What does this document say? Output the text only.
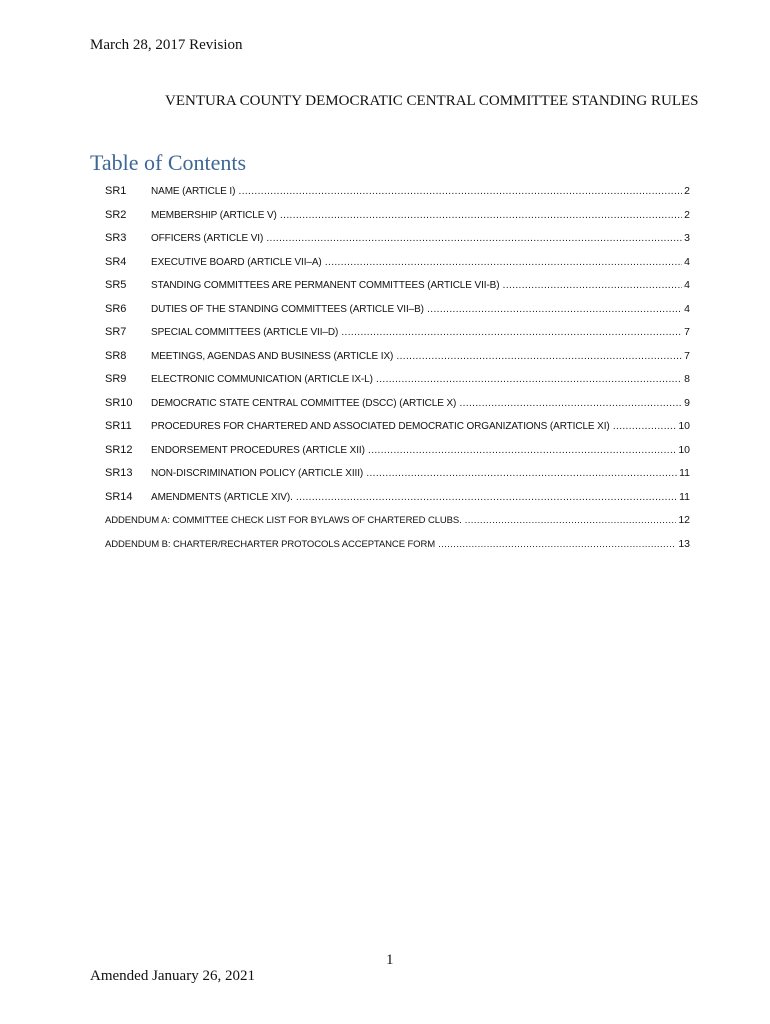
March 28, 2017 Revision
VENTURA COUNTY DEMOCRATIC CENTRAL COMMITTEE STANDING RULES
Table of Contents
SR1	NAME (ARTICLE I) .....	2
SR2	MEMBERSHIP (ARTICLE V) .....	2
SR3	OFFICERS (ARTICLE VI) .....	3
SR4	EXECUTIVE BOARD (ARTICLE VII–A) .....	4
SR5	STANDING COMMITTEES ARE PERMANENT COMMITTEES (ARTICLE VII-B) .....	4
SR6	DUTIES OF THE STANDING COMMITTEES (ARTICLE VII–B) .....	4
SR7	SPECIAL COMMITTEES (ARTICLE VII–D) .....	7
SR8	MEETINGS, AGENDAS AND BUSINESS (ARTICLE IX) .....	7
SR9	ELECTRONIC COMMUNICATION (ARTICLE IX-L) .....	8
SR10	DEMOCRATIC STATE CENTRAL COMMITTEE (DSCC) (ARTICLE X) .....	9
SR11	PROCEDURES FOR CHARTERED AND ASSOCIATED DEMOCRATIC ORGANIZATIONS (ARTICLE XI) .....	10
SR12	ENDORSEMENT PROCEDURES (ARTICLE XII) .....	10
SR13	NON-DISCRIMINATION POLICY (ARTICLE XIII) .....	11
SR14	AMENDMENTS (ARTICLE XIV). .....	11
ADDENDUM A: COMMITTEE CHECK LIST FOR BYLAWS OF CHARTERED CLUBS. .....	12
ADDENDUM B: CHARTER/RECHARTER PROTOCOLS ACCEPTANCE FORM .....	13
1
Amended January 26, 2021
